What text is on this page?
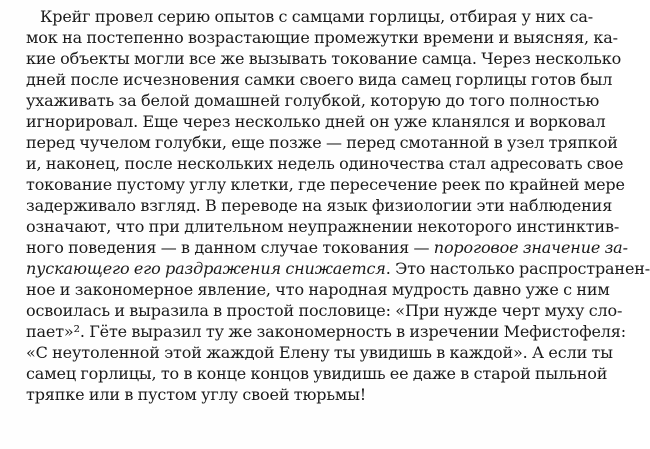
Крейг провел серию опытов с самцами горлицы, отбирая у них са-
мок на постепенно возрастающие промежутки времени и выясняя, ка-
кие объекты могли все же вызывать токование самца. Через несколько
дней после исчезновения самки своего вида самец горлицы готов был
ухаживать за белой домашней голубкой, которую до того полностью
игнорировал. Еще через несколько дней он уже кланялся и ворковал
перед чучелом голубки, еще позже — перед смотанной в узел тряпкой
и, наконец, после нескольких недель одиночества стал адресовать свое
токование пустому углу клетки, где пересечение реек по крайней мере
задерживало взгляд. В переводе на язык физиологии эти наблюдения
означают, что при длительном неупражнении некоторого инстинктив-
ного поведения — в данном случае токования — пороговое значение за-
пускающего его раздражения снижается. Это настолько распространен-
ное и закономерное явление, что народная мудрость давно уже с ним
освоилась и выразила в простой пословице: «При нужде черт муху сло-
пает»². Гёте выразил ту же закономерность в изречении Мефистофеля:
«С неутоленной этой жаждой Елену ты увидишь в каждой». А если ты
самец горлицы, то в конце концов увидишь ее даже в старой пыльной
тряпке или в пустом углу своей тюрьмы!
